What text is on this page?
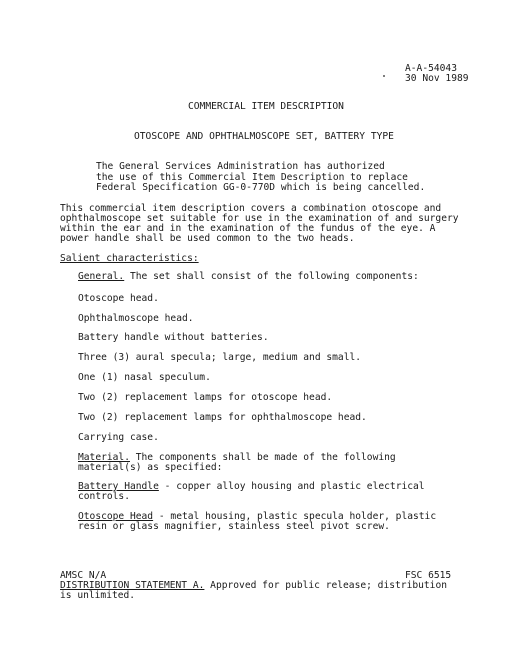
A-A-54043
30 Nov 1989
COMMERCIAL ITEM DESCRIPTION
OTOSCOPE AND OPHTHALMOSCOPE SET, BATTERY TYPE
The General Services Administration has authorized
the use of this Commercial Item Description to replace
Federal Specification GG-0-770D which is being cancelled.
This commercial item description covers a combination otoscope and
ophthalmoscope set suitable for use in the examination of and surgery
within the ear and in the examination of the fundus of the eye. A
power handle shall be used common to the two heads.
Salient characteristics:
General. The set shall consist of the following components:
Otoscope head.
Ophthalmoscope head.
Battery handle without batteries.
Three (3) aural specula; large, medium and small.
One (1) nasal speculum.
Two (2) replacement lamps for otoscope head.
Two (2) replacement lamps for ophthalmoscope head.
Carrying case.
Material. The components shall be made of the following
material(s) as specified:
Battery Handle - copper alloy housing and plastic electrical
controls.
Otoscope Head - metal housing, plastic specula holder, plastic
resin or glass magnifier, stainless steel pivot screw.
AMSC N/A	FSC 6515
DISTRIBUTION STATEMENT A. Approved for public release; distribution
is unlimited.
